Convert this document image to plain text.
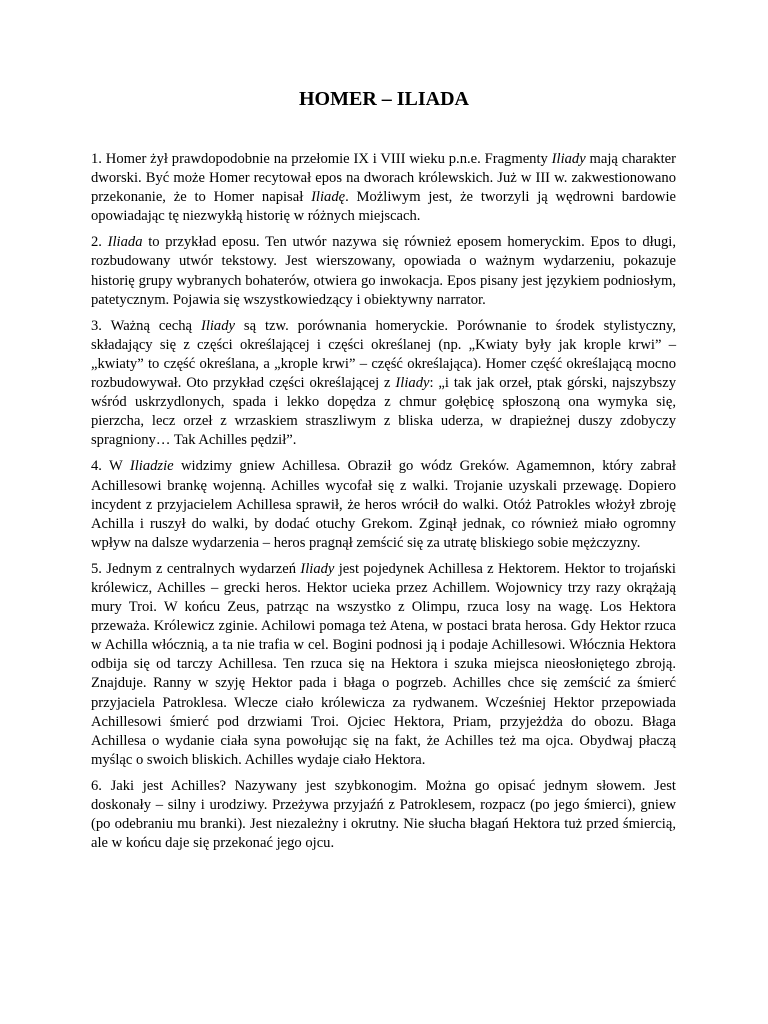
HOMER – ILIADA

1. Homer żył prawdopodobnie na przełomie IX i VIII wieku p.n.e. Fragmenty Iliady mają charakter dworski. Być może Homer recytował epos na dworach królewskich. Już w III w. zakwestionowano przekonanie, że to Homer napisał Iliadę. Możliwym jest, że tworzyli ją wędrowni bardowie opowiadając tę niezwykłą historię w różnych miejscach.

2. Iliada to przykład eposu. Ten utwór nazywa się również eposem homeryckim. Epos to długi, rozbudowany utwór tekstowy. Jest wierszowany, opowiada o ważnym wydarzeniu, pokazuje historię grupy wybranych bohaterów, otwiera go inwokacja. Epos pisany jest językiem podniosłym, patetycznym. Pojawia się wszystkowiedzący i obiektywny narrator.

3. Ważną cechą Iliady są tzw. porównania homeryckie. Porównanie to środek stylistyczny, składający się z części określającej i części określanej (np. „Kwiaty były jak krople krwi” – „kwiaty” to część określana, a „krople krwi” – część określająca). Homer część określającą mocno rozbudowywał. Oto przykład części określającej z Iliady: „i tak jak orzeł, ptak górski, najszybszy wśród uskrzydlonych, spada i lekko dopędza z chmur gołębicę spłoszoną ona wymyka się, pierzcha, lecz orzeł z wrzaskiem straszliwym z bliska uderza, w drapieżnej duszy zdobyczy spragniony… Tak Achilles pędził”.

4. W Iliadzie widzimy gniew Achillesa. Obraził go wódz Greków. Agamemnon, który zabrał Achillesowi brankę wojenną. Achilles wycofał się z walki. Trojanie uzyskali przewagę. Dopiero incydent z przyjacielem Achillesa sprawił, że heros wrócił do walki. Otóż Patrokles włożył zbroję Achilla i ruszył do walki, by dodać otuchy Grekom. Zginął jednak, co również miało ogromny wpływ na dalsze wydarzenia – heros pragnął zemścić się za utratę bliskiego sobie mężczyzny.

5. Jednym z centralnych wydarzeń Iliady jest pojedynek Achillesa z Hektorem. Hektor to trojański królewicz, Achilles – grecki heros. Hektor ucieka przez Achillem. Wojownicy trzy razy okrążają mury Troi. W końcu Zeus, patrząc na wszystko z Olimpu, rzuca losy na wagę. Los Hektora przeważa. Królewicz zginie. Achilowi pomaga też Atena, w postaci brata herosa. Gdy Hektor rzuca w Achilla włócznią, a ta nie trafia w cel. Bogini podnosi ją i podaje Achillesowi. Włócznia Hektora odbija się od tarczy Achillesa. Ten rzuca się na Hektora i szuka miejsca nieosłoniętego zbroją. Znajduje. Ranny w szyję Hektor pada i błaga o pogrzeb. Achilles chce się zemścić za śmierć przyjaciela Patroklesa. Wlecze ciało królewicza za rydwanem. Wcześniej Hektor przepowiada Achillesowi śmierć pod drzwiami Troi. Ojciec Hektora, Priam, przyjeżdża do obozu. Błaga Achillesa o wydanie ciała syna powołując się na fakt, że Achilles też ma ojca. Obydwaj płaczą myśląc o swoich bliskich. Achilles wydaje ciało Hektora.

6. Jaki jest Achilles? Nazywany jest szybkonogim. Można go opisać jednym słowem. Jest doskonały – silny i urodziwy. Przeżywa przyjaźń z Patroklesem, rozpacz (po jego śmierci), gniew (po odebraniu mu branki). Jest niezależny i okrutny. Nie słucha błagań Hektora tuż przed śmiercią, ale w końcu daje się przekonać jego ojcu.
